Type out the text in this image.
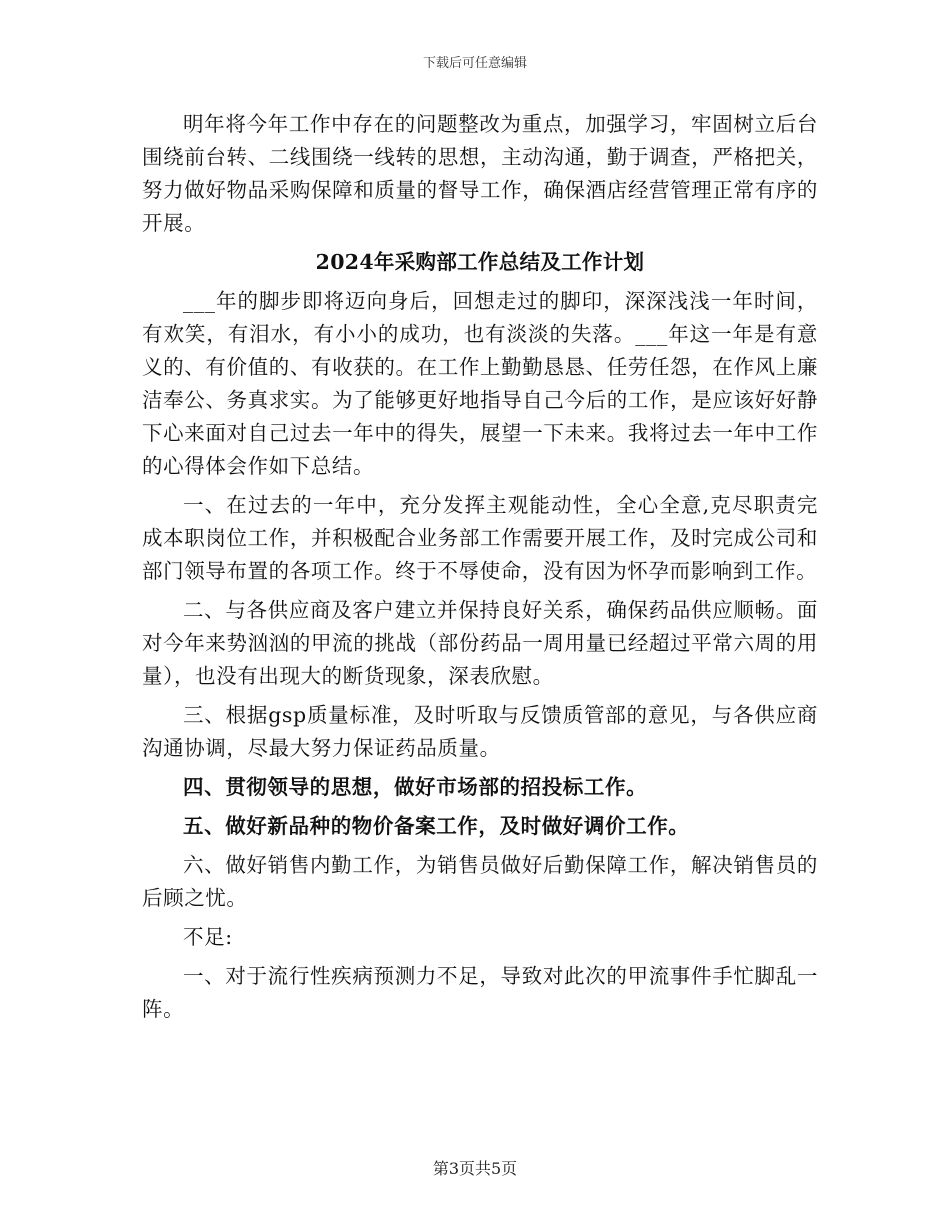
下载后可任意编辑

明年将今年工作中存在的问题整改为重点，加强学习，牢固树立后台围绕前台转、二线围绕一线转的思想，主动沟通，勤于调查，严格把关，努力做好物品采购保障和质量的督导工作，确保酒店经营管理正常有序的开展。

2024年采购部工作总结及工作计划

___年的脚步即将迈向身后，回想走过的脚印，深深浅浅一年时间，有欢笑，有泪水，有小小的成功，也有淡淡的失落。___年这一年是有意义的、有价值的、有收获的。在工作上勤勤恳恳、任劳任怨，在作风上廉洁奉公、务真求实。为了能够更好地指导自己今后的工作，是应该好好静下心来面对自己过去一年中的得失，展望一下未来。我将过去一年中工作的心得体会作如下总结。

一、在过去的一年中，充分发挥主观能动性，全心全意,克尽职责完成本职岗位工作，并积极配合业务部工作需要开展工作，及时完成公司和部门领导布置的各项工作。终于不辱使命，没有因为怀孕而影响到工作。

二、与各供应商及客户建立并保持良好关系，确保药品供应顺畅。面对今年来势汹汹的甲流的挑战（部份药品一周用量已经超过平常六周的用量），也没有出现大的断货现象，深表欣慰。

三、根据gsp质量标准，及时听取与反馈质管部的意见，与各供应商沟通协调，尽最大努力保证药品质量。

四、贯彻领导的思想，做好市场部的招投标工作。

五、做好新品种的物价备案工作，及时做好调价工作。

六、做好销售内勤工作，为销售员做好后勤保障工作，解决销售员的后顾之忧。

不足:

一、对于流行性疾病预测力不足，导致对此次的甲流事件手忙脚乱一阵。

第3页共5页
